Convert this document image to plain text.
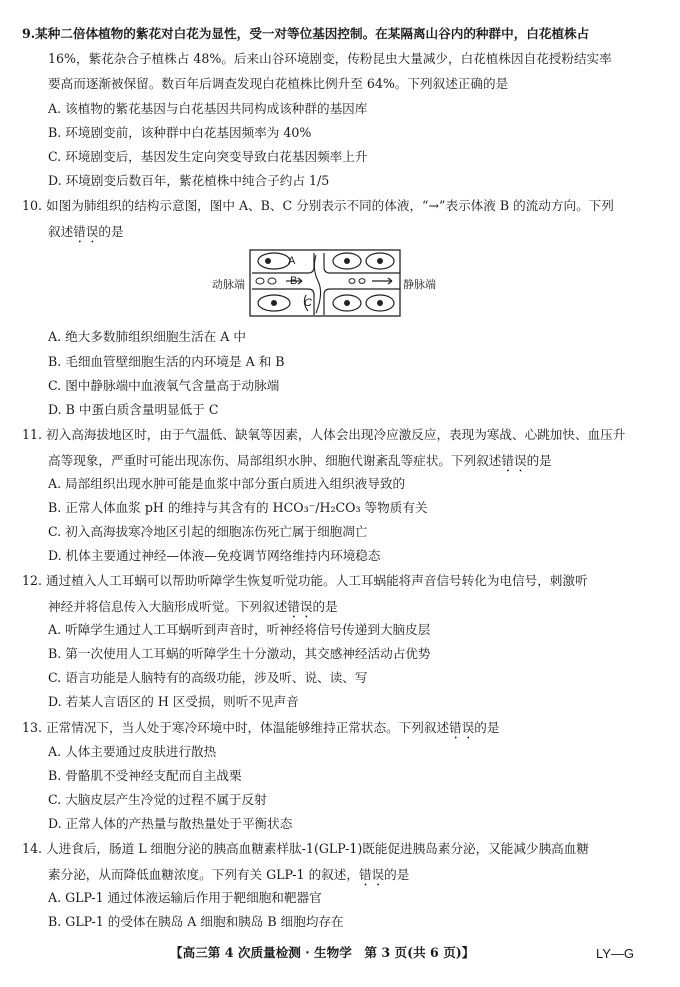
9.某种二倍体植物的紫花对白花为显性，受一对等位基因控制。在某隔离山谷内的种群中，白花植株占
16%，紫花杂合子植株占 48%。后来山谷环境剧变，传粉昆虫大量减少，白花植株因自花授粉结实率
要高而逐渐被保留。数百年后调查发现白花植株比例升至 64%。下列叙述正确的是
A. 该植物的紫花基因与白花基因共同构成该种群的基因库
B. 环境剧变前，该种群中白花基因频率为 40%
C. 环境剧变后，基因发生定向突变导致白花基因频率上升
D. 环境剧变后数百年，紫花植株中纯合子约占 1/5
10. 如图为肺组织的结构示意图，图中 A、B、C 分别表示不同的体液，“→”表示体液 B 的流动方向。下列
叙述错误的是
动脉端	静脉端
A
B
C
A. 绝大多数肺组织细胞生活在 A 中
B. 毛细血管壁细胞生活的内环境是 A 和 B
C. 图中静脉端中血液氧气含量高于动脉端
D. B 中蛋白质含量明显低于 C
11. 初入高海拔地区时，由于气温低、缺氧等因素，人体会出现冷应激反应，表现为寒战、心跳加快、血压升
高等现象，严重时可能出现冻伤、局部组织水肿、细胞代谢紊乱等症状。下列叙述错误的是
A. 局部组织出现水肿可能是血浆中部分蛋白质进入组织液导致的
B. 正常人体血浆 pH 的维持与其含有的 HCO₃⁻/H₂CO₃ 等物质有关
C. 初入高海拔寒冷地区引起的细胞冻伤死亡属于细胞凋亡
D. 机体主要通过神经—体液—免疫调节网络维持内环境稳态
12. 通过植入人工耳蜗可以帮助听障学生恢复听觉功能。人工耳蜗能将声音信号转化为电信号，刺激听
神经并将信息传入大脑形成听觉。下列叙述错误的是
A. 听障学生通过人工耳蜗听到声音时，听神经将信号传递到大脑皮层
B. 第一次使用人工耳蜗的听障学生十分激动，其交感神经活动占优势
C. 语言功能是人脑特有的高级功能，涉及听、说、读、写
D. 若某人言语区的 H 区受损，则听不见声音
13. 正常情况下，当人处于寒冷环境中时，体温能够维持正常状态。下列叙述错误的是
A. 人体主要通过皮肤进行散热
B. 骨骼肌不受神经支配而自主战栗
C. 大脑皮层产生冷觉的过程不属于反射
D. 正常人体的产热量与散热量处于平衡状态
14. 人进食后，肠道 L 细胞分泌的胰高血糖素样肽-1(GLP-1)既能促进胰岛素分泌，又能减少胰高血糖
素分泌，从而降低血糖浓度。下列有关 GLP-1 的叙述，错误的是
A. GLP-1 通过体液运输后作用于靶细胞和靶器官
B. GLP-1 的受体在胰岛 A 细胞和胰岛 B 细胞均存在
【高三第 4 次质量检测 · 生物学　第 3 页(共 6 页)】	LY—G
